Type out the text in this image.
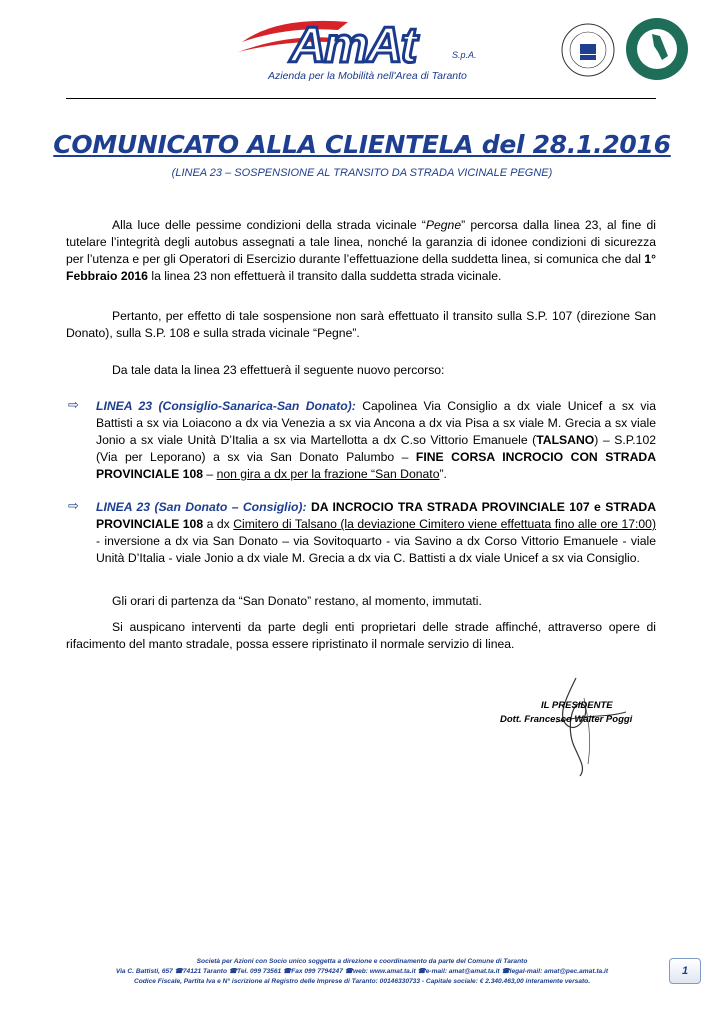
AmAt	S.p.A.
Azienda per la Mobilità nell'Area di Taranto
COMUNICATO ALLA CLIENTELA del 28.1.2016
(LINEA 23 – SOSPENSIONE AL TRANSITO DA STRADA VICINALE PEGNE)
Alla luce delle pessime condizioni della strada vicinale “Pegne” percorsa dalla linea 23, al fine di tutelare l’integrità degli autobus assegnati a tale linea, nonché la garanzia di idonee condizioni di sicurezza per l’utenza e per gli Operatori di Esercizio durante l’effettuazione della suddetta linea, si comunica che dal 1° Febbraio 2016 la linea 23 non effettuerà il transito dalla suddetta strada vicinale.
Pertanto, per effetto di tale sospensione non sarà effettuato il transito sulla S.P. 107 (direzione San Donato), sulla S.P. 108 e sulla strada vicinale “Pegne”.
Da tale data la linea 23 effettuerà il seguente nuovo percorso:
⇨ LINEA 23 (Consiglio-Sanarica-San Donato): Capolinea Via Consiglio a dx viale Unicef a sx via Battisti a sx via Loiacono a dx via Venezia a sx via Ancona a dx via Pisa a sx viale M. Grecia a sx viale Jonio a sx viale Unità D’Italia a sx via Martellotta a dx C.so Vittorio Emanuele (TALSANO) – S.P.102 (Via per Leporano) a sx via San Donato Palumbo – FINE CORSA INCROCIO CON STRADA PROVINCIALE 108 – non gira a dx per la frazione “San Donato”.
⇨ LINEA 23 (San Donato – Consiglio): DA INCROCIO TRA STRADA PROVINCIALE 107 e STRADA PROVINCIALE 108 a dx Cimitero di Talsano (la deviazione Cimitero viene effettuata fino alle ore 17:00) - inversione a dx via San Donato – via Sovitoquarto - via Savino a dx Corso Vittorio Emanuele - viale Unità D’Italia - viale Jonio a dx viale M. Grecia a dx via C. Battisti a dx viale Unicef a sx via Consiglio.
Gli orari di partenza da “San Donato” restano, al momento, immutati.
Si auspicano interventi da parte degli enti proprietari delle strade affinché, attraverso opere di rifacimento del manto stradale, possa essere ripristinato il normale servizio di linea.
IL PRESIDENTE
Dott. Francesco Walter Poggi
Società per Azioni con Socio unico soggetta a direzione e coordinamento da parte del Comune di Taranto
Via C. Battisti, 657 ☎74121 Taranto ☎Tel. 099 73561 ☎Fax 099 7794247 ☎web: www.amat.ta.it ☎e-mail: amat@amat.ta.it ☎legal-mail: amat@pec.amat.ta.it
Codice Fiscale, Partita Iva e N° iscrizione al Registro delle Imprese di Taranto: 00146330733 - Capitale sociale: € 2.340.463,00 interamente versato.
1
